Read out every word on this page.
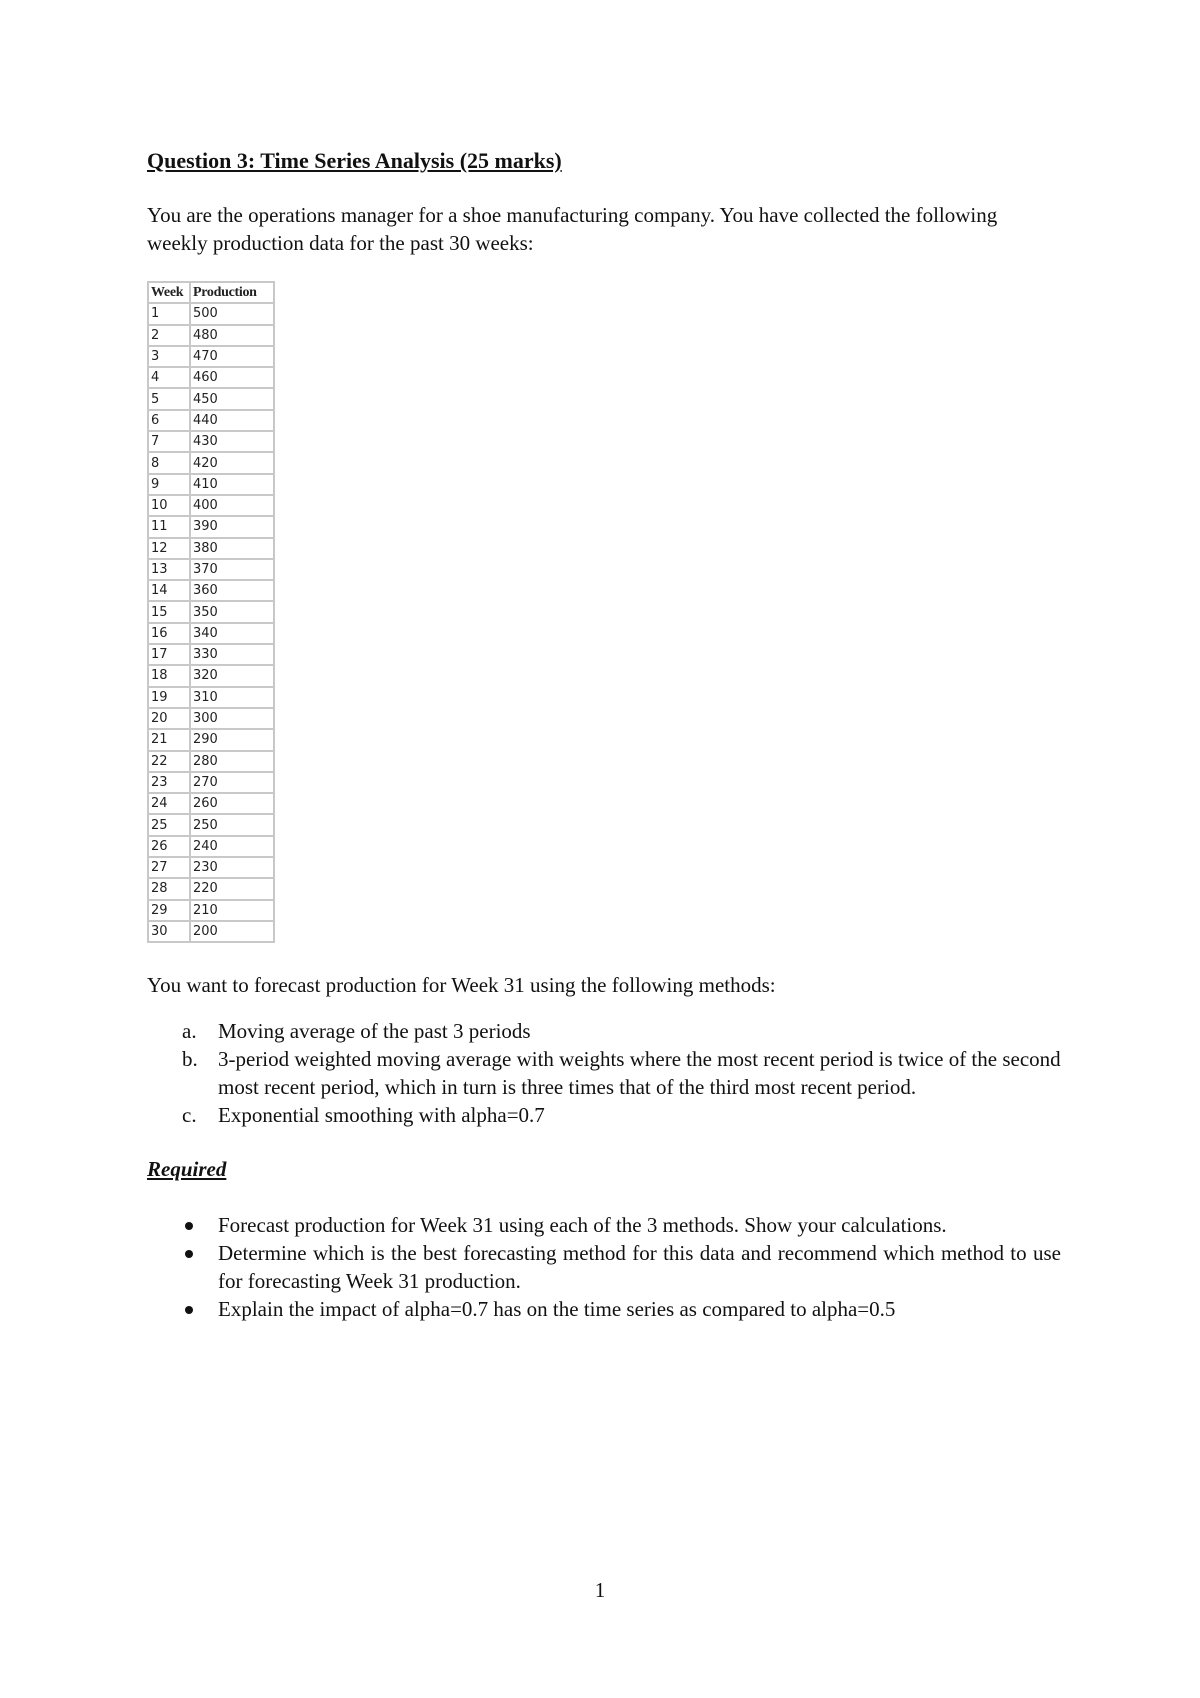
Question 3: Time Series Analysis (25 marks)

You are the operations manager for a shoe manufacturing company. You have collected the following weekly production data for the past 30 weeks:

Week	Production
1	500
2	480
3	470
4	460
5	450
6	440
7	430
8	420
9	410
10	400
11	390
12	380
13	370
14	360
15	350
16	340
17	330
18	320
19	310
20	300
21	290
22	280
23	270
24	260
25	250
26	240
27	230
28	220
29	210
30	200

You want to forecast production for Week 31 using the following methods:

a. Moving average of the past 3 periods
b. 3-period weighted moving average with weights where the most recent period is twice of the second most recent period, which in turn is three times that of the third most recent period.
c. Exponential smoothing with alpha=0.7

Required

Forecast production for Week 31 using each of the 3 methods. Show your calculations.
Determine which is the best forecasting method for this data and recommend which method to use for forecasting Week 31 production.
Explain the impact of alpha=0.7 has on the time series as compared to alpha=0.5
1
